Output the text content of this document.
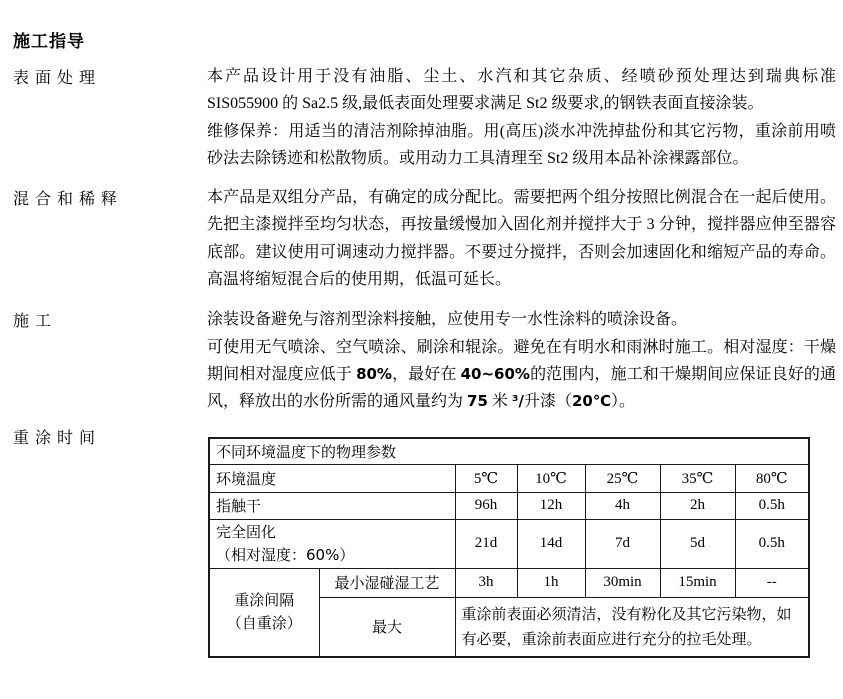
施工指导
表面处理	本产品设计用于没有油脂、尘土、水汽和其它杂质、经喷砂预处理达到瑞典标准 SIS055900 的 Sa2.5 级,最低表面处理要求满足 St2 级要求,的钢铁表面直接涂装。

维修保养：用适当的清洁剂除掉油脂。用(高压)淡水冲洗掉盐份和其它污物，重涂前用喷砂法去除锈迹和松散物质。或用动力工具清理至 St2 级用本品补涂裸露部位。

混合和稀释	本产品是双组分产品，有确定的成分配比。需要把两个组分按照比例混合在一起后使用。先把主漆搅拌至均匀状态，再按量缓慢加入固化剂并搅拌大于 3 分钟，搅拌器应伸至器容底部。建议使用可调速动力搅拌器。不要过分搅拌，否则会加速固化和缩短产品的寿命。高温将缩短混合后的使用期，低温可延长。

施工	涂装设备避免与溶剂型涂料接触，应使用专一水性涂料的喷涂设备。

可使用无气喷涂、空气喷涂、刷涂和辊涂。避免在有明水和雨淋时施工。相对湿度：干燥期间相对湿度应低于 80%，最好在 40~60%的范围内，施工和干燥期间应保证良好的通风，释放出的水份所需的通风量约为 75 米 ³/升漆（20℃）。

重涂时间
不同环境温度下的物理参数						
环境温度		5℃	10℃	25℃	35℃	80℃
指触干		96h	12h	4h	2h	0.5h

完全固化
（相对湿度：60%）		21d	14d	7d	5d	0.5h

重涂间隔
（自重涂）	最小湿碰湿工艺	3h	1h	30min	15min	--
	最大	重涂前表面必须清洁，没有粉化及其它污染物，如有必要，重涂前表面应进行充分的拉毛处理。				
